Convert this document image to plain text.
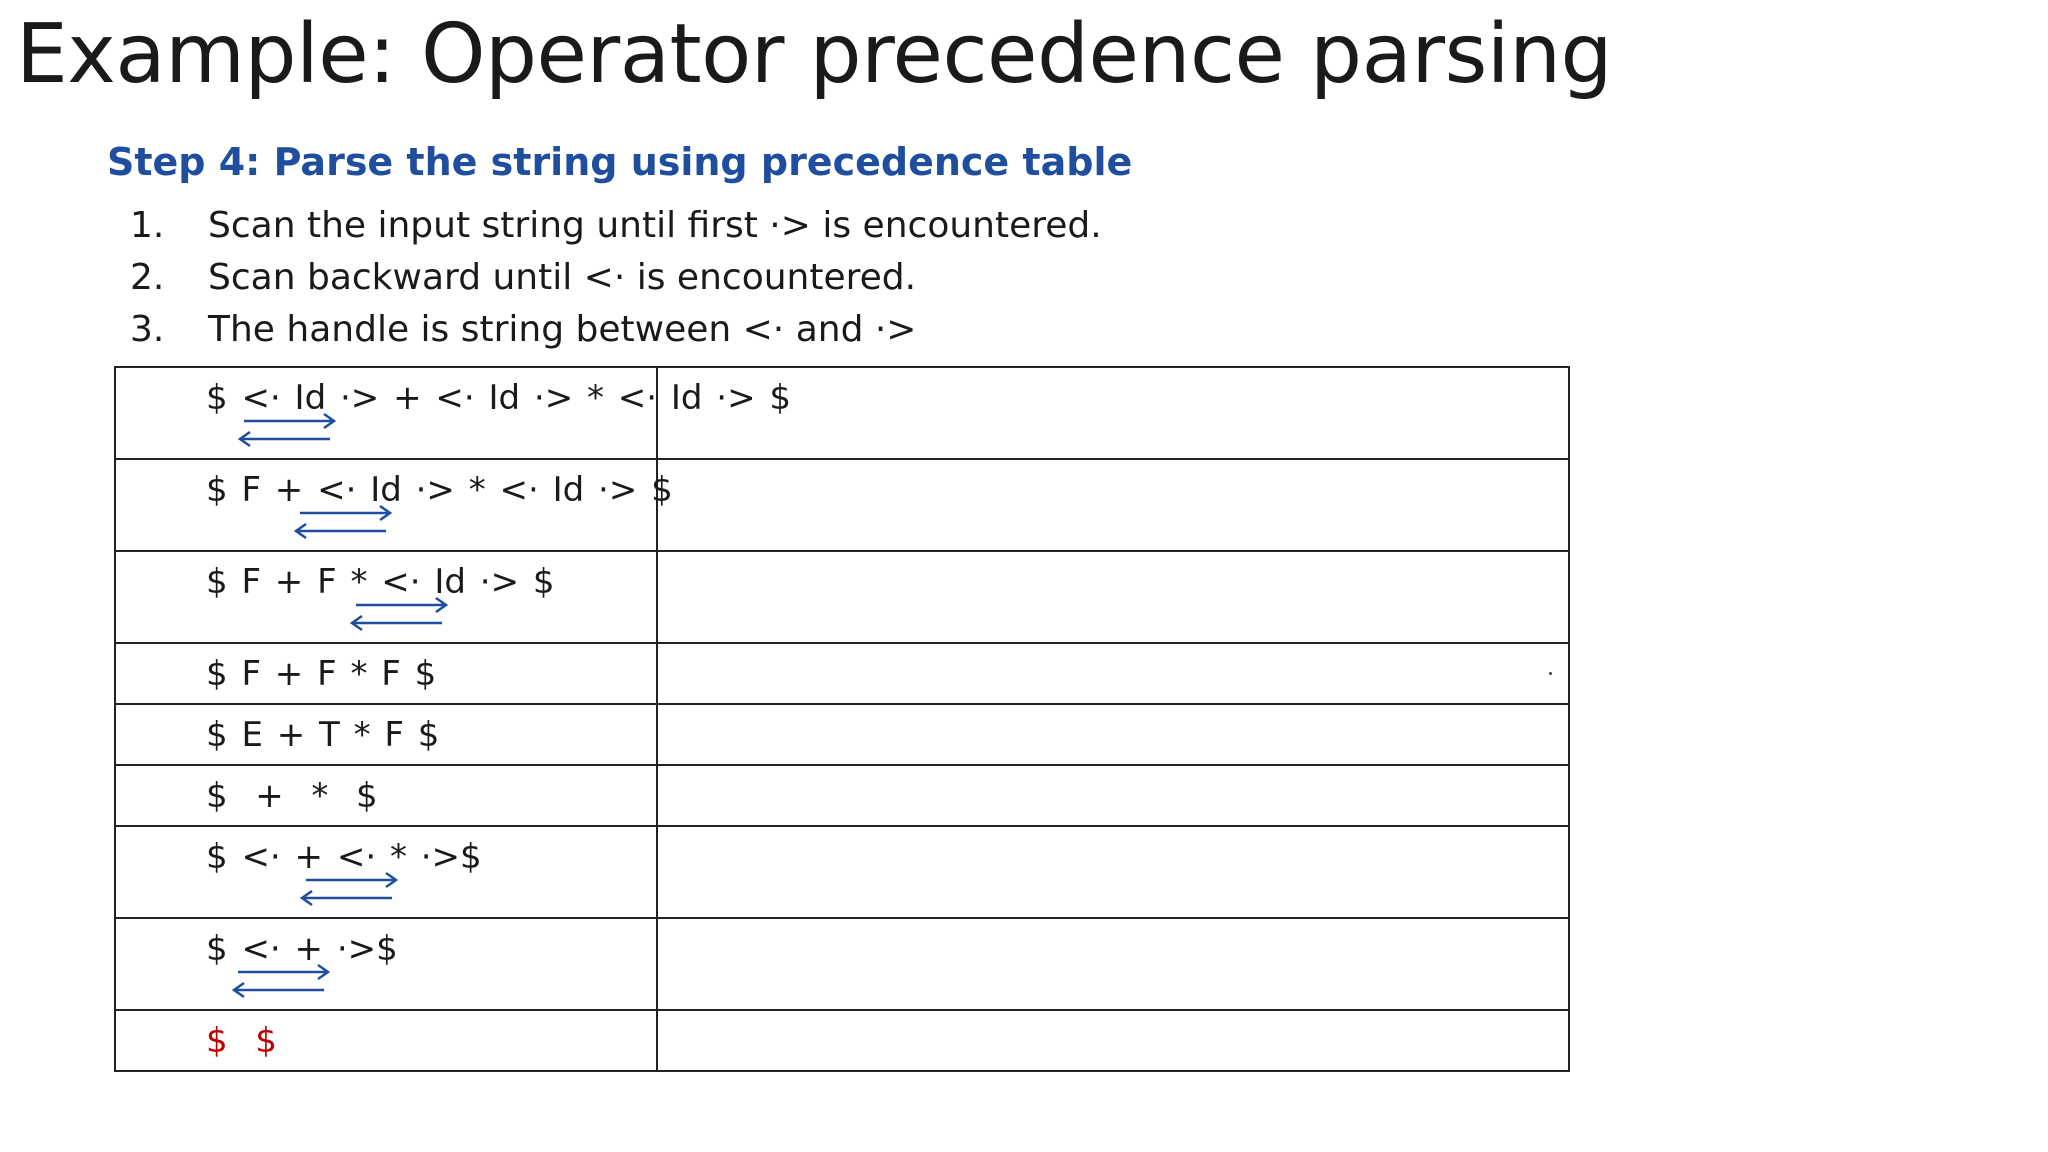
Example: Operator precedence parsing
Step 4: Parse the string using precedence table
1.	Scan the input string until first ·> is encountered.
2.	Scan backward until <· is encountered.
3.	The handle is string between <· and ·>
$ <· Id ·> + <· Id ·> * <· Id ·> $	

$ F + <· Id ·> * <· Id ·> $	

$ F + F * <· Id ·> $	

$ F + F * F $	

$ E + T * F $	

$  +  *  $	

$ <· + <· * ·>$	

$ <· + ·>$	

$  $	
